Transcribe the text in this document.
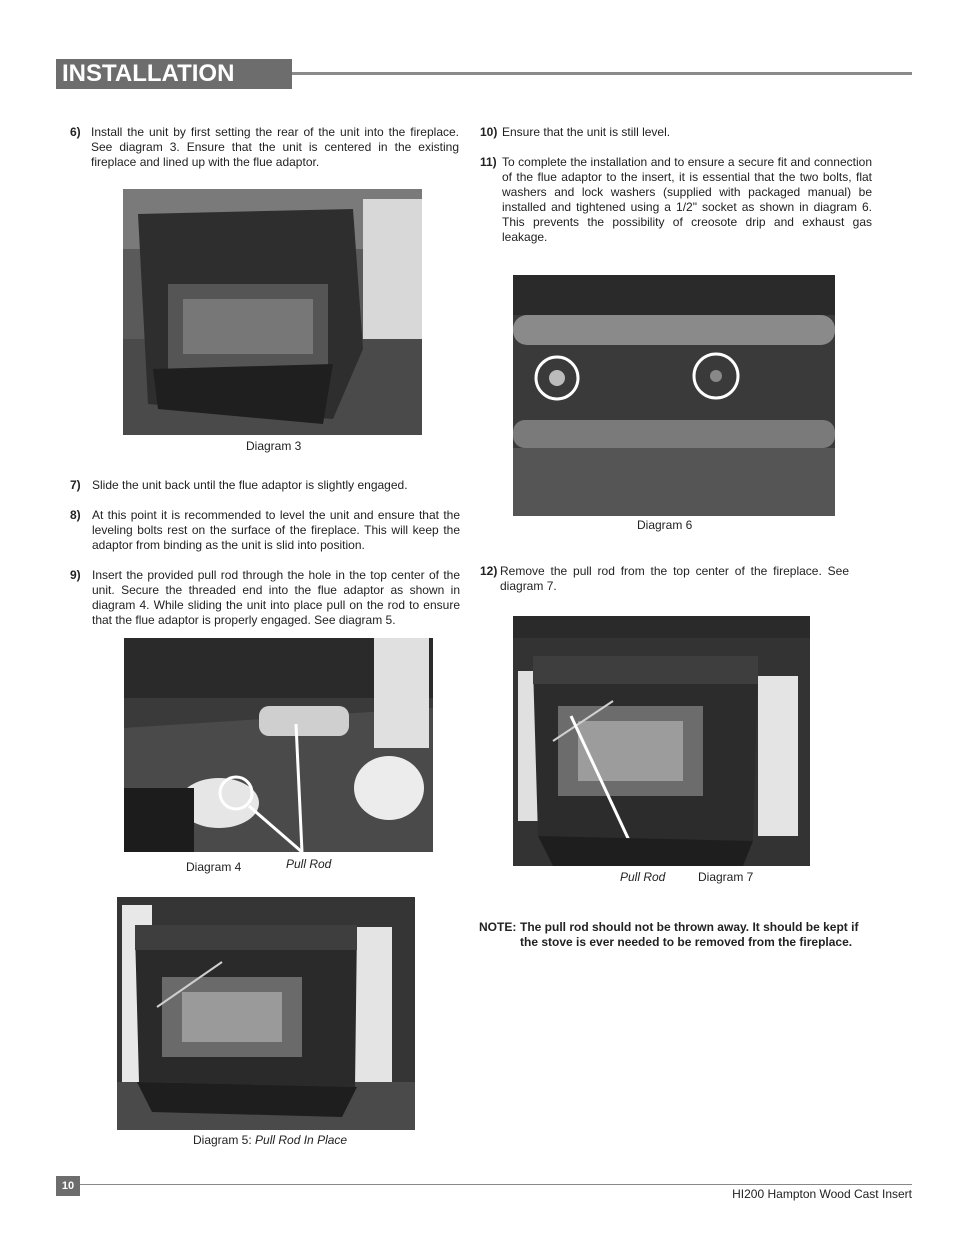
INSTALLATION
6) Install the unit by first setting the rear of the unit into the fireplace. See diagram 3. Ensure that the unit is centered in the existing fireplace and lined up with the flue adaptor.
Diagram 3
7) Slide the unit back until the flue adaptor is slightly engaged.
8) At this point it is recommended to level the unit and ensure that the leveling bolts rest on the surface of the fireplace. This will keep the adaptor from binding as the unit is slid into position.
9) Insert the provided pull rod through the hole in the top center of the unit. Secure the threaded end into the flue adaptor as shown in diagram 4. While sliding the unit into place pull on the rod to ensure that the flue adaptor is properly engaged. See diagram 5.
Diagram 4	Pull Rod
Diagram 5: Pull Rod In Place
10) Ensure that the unit is still level.
11) To complete the installation and to ensure a secure fit and connection of the flue adaptor to the insert, it is essential that the two bolts, flat washers and lock washers (supplied with packaged manual) be installed and tightened using a 1/2" socket as shown in diagram 6. This prevents the possibility of creosote drip and exhaust gas leakage.
Diagram 6
12) Remove the pull rod from the top center of the fireplace. See diagram 7.
Pull Rod	Diagram 7
NOTE: The pull rod should not be thrown away. It should be kept if
the stove is ever needed to be removed from the fireplace.
10
HI200 Hampton Wood Cast Insert
